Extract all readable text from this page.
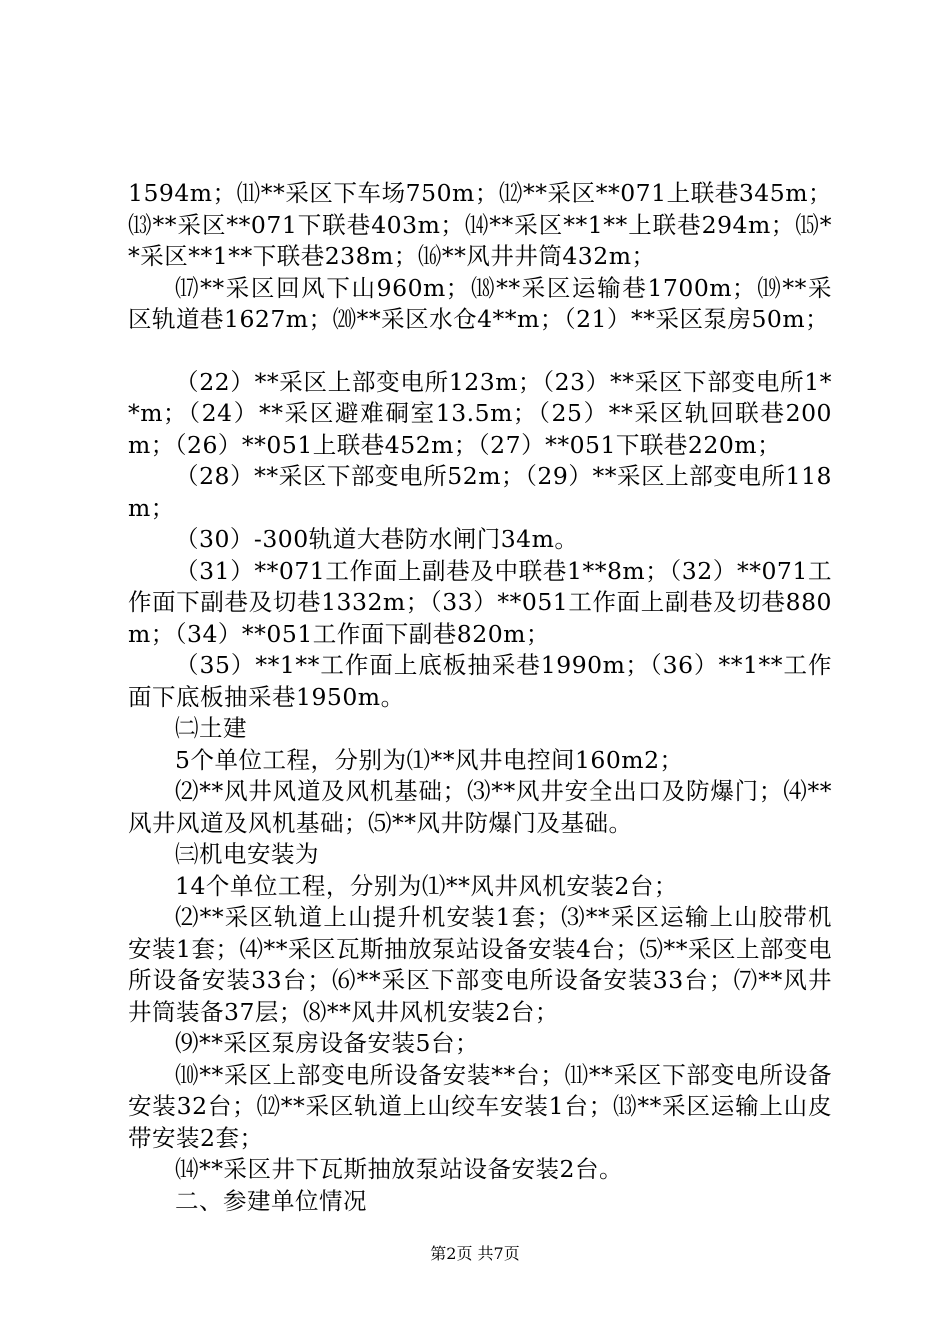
1594m；⑾**采区下车场750m；⑿**采区**071上联巷345m；⒀**采区**071下联巷403m；⒁**采区**1**上联巷294m；⒂**采区**1**下联巷238m；⒃**风井井筒432m；

⒄**采区回风下山960m；⒅**采区运输巷1700m；⒆**采区轨道巷1627m；⒇**采区水仓4**m；（21）**采区泵房50m；

（22）**采区上部变电所123m；（23）**采区下部变电所1**m；（24）**采区避难硐室13.5m；（25）**采区轨回联巷200m；（26）**051上联巷452m；（27）**051下联巷220m；

（28）**采区下部变电所52m；（29）**采区上部变电所118m；

（30）-300轨道大巷防水闸门34m。

（31）**071工作面上副巷及中联巷1**8m；（32）**071工作面下副巷及切巷1332m；（33）**051工作面上副巷及切巷880m；（34）**051工作面下副巷820m；

（35）**1**工作面上底板抽采巷1990m；（36）**1**工作面下底板抽采巷1950m。

㈡土建

5个单位工程，分别为⑴**风井电控间160m2；

⑵**风井风道及风机基础；⑶**风井安全出口及防爆门；⑷**风井风道及风机基础；⑸**风井防爆门及基础。

㈢机电安装为

14个单位工程，分别为⑴**风井风机安装2台；

⑵**采区轨道上山提升机安装1套；⑶**采区运输上山胶带机安装1套；⑷**采区瓦斯抽放泵站设备安装4台；⑸**采区上部变电所设备安装33台；⑹**采区下部变电所设备安装33台；⑺**风井井筒装备37层；⑻**风井风机安装2台；

⑼**采区泵房设备安装5台；

⑽**采区上部变电所设备安装**台；⑾**采区下部变电所设备安装32台；⑿**采区轨道上山绞车安装1台；⒀**采区运输上山皮带安装2套；

⒁**采区井下瓦斯抽放泵站设备安装2台。

二、参建单位情况

第2页 共7页
